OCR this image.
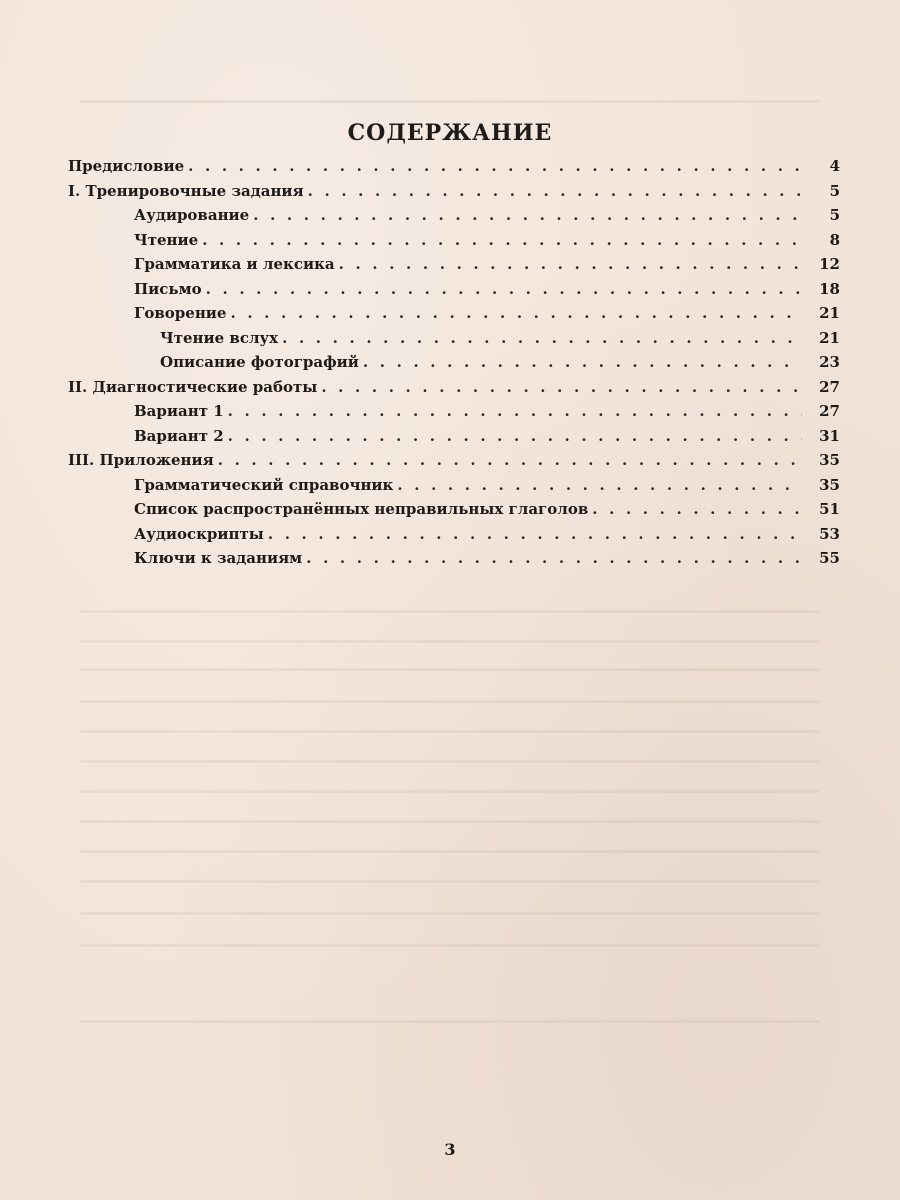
СОДЕРЖАНИЕ
Предисловие . . .	4
I. Тренировочные задания . . .	5
Аудирование . . .	5
Чтение . . .	8
Грамматика и лексика . . .	12
Письмо . . .	18
Говорение . . .	21
Чтение вслух . . .	21
Описание фотографий . . .	23
II. Диагностические работы . . .	27
Вариант 1 . . .	27
Вариант 2 . . .	31
III. Приложения . . .	35
Грамматический справочник . . .	35
Список распространённых неправильных глаголов . . .	51
Аудиоскрипты . . .	53
Ключи к заданиям . . .	55
3
